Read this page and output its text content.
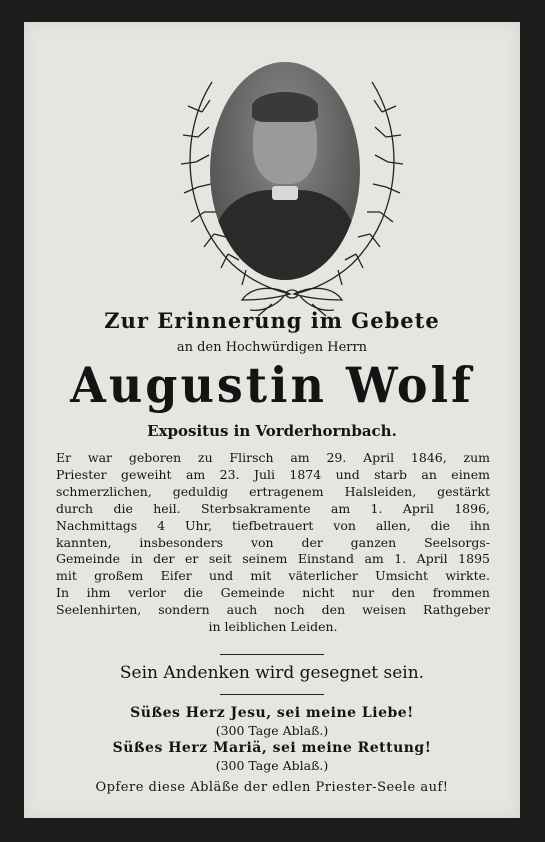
Zur Erinnerung im Gebete
an den Hochwürdigen Herrn
Augustin Wolf
Expositus in Vorderhornbach.
Er war geboren zu Flirsch am 29. April 1846, zum
Priester geweiht am 23. Juli 1874 und starb an einem
schmerzlichen, geduldig ertragenem Halsleiden, gestärkt
durch die heil. Sterbsakramente am 1. April 1896,
Nachmittags 4 Uhr, tiefbetrauert von allen, die ihn
kannten, insbesonders von der ganzen Seelsorgs-
Gemeinde in der er seit seinem Einstand am 1. April 1895
mit großem Eifer und mit väterlicher Umsicht wirkte.
In ihm verlor die Gemeinde nicht nur den frommen
Seelenhirten, sondern auch noch den weisen Rathgeber
in leiblichen Leiden.
Sein Andenken wird gesegnet sein.
Süßes Herz Jesu, sei meine Liebe!
(300 Tage Ablaß.)
Süßes Herz Mariä, sei meine Rettung!
(300 Tage Ablaß.)
Opfere diese Abläße der edlen Priester-Seele auf!
